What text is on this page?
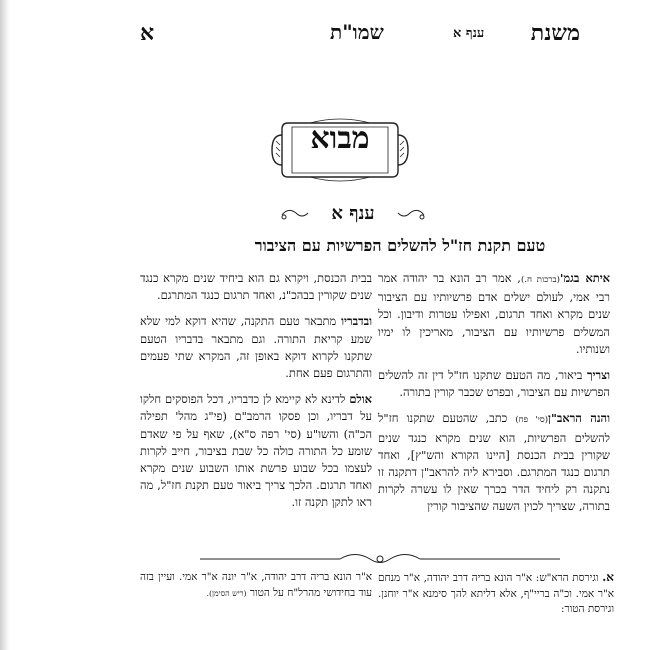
משנת
ענף א
שמו"ת
א
מבוא
ענף א
טעם תקנת חז"ל להשלים הפרשיות עם הציבור

איתא בגמ'(ברכות ח.), אמר רב הונא בר יהודה אמר רבי אמי, לעולם ישלים אדם פרשיותיו עם הציבור שנים מקרא ואחד תרגום, ואפילו עטרות ודיבון. וכל המשלים פרשיותיו עם הציבור, מאריכין לו ימיו ושנותיו.

וצריך ביאור, מה הטעם שתקנו חז"ל דין זה להשלים הפרשיות עם הציבור, ובפרט שכבר קורין בתורה.

והנה הראב"ן(סי' פח) כתב, שהטעם שתקנו חז"ל להשלים הפרשיות, הוא שנים מקרא כנגד שנים שקורין בבית הכנסת [היינו הקורא והש"ץ], ואחד תרגום כנגד המתרגם. וסבירא ליה להראב"ן דתקנה זו נתקנה רק ליחיד הדר בכרך שאין לו עשרה לקרות בתורה, שצריך לכוין השעה שהציבור קורין

בבית הכנסת, ויקרא גם הוא ביחיד שנים מקרא כנגד שנים שקורין בבהכ"נ, ואחד תרגום כנגד המתרגם.

ובדבריו מתבאר טעם התקנה, שהיא דוקא למי שלא שמע קריאת התורה. וגם מתבאר בדבריו הטעם שתקנו לקרוא דוקא באופן זה, המקרא שתי פעמים והתרגום פעם אחת.

אולם לדינא לא קיימא לן כדבריו, דכל הפוסקים חלקו על דבריו, וכן פסקו הרמב"ם (פי"ג מהל' תפילה הכ"ה) והשו"ע (סי' רפה ס"א), שאף על פי שאדם שומע כל התורה כולה כל שבת בציבור, חייב לקרות לעצמו בכל שבוע פרשת אותו השבוע שנים מקרא ואחד תרגום. הלכך צריך ביאור טעם תקנת חז"ל, מה ראו לתקן תקנה זו.

א. וגירסת הרא"ש: א"ר הונא בריה דרב יהודה, א"ר מנחם א"ר אמי. וכ"ה בריי"ף, אלא דליתא להך סימנא א"ר יוחנן. וגירסת הטור:
א"ר הונא בריה דרב יהודה, א"ר יונה א"ר אמי. ועיין בזה עוד בחידושי מהרל"ח על הטור (ריש הסימן).
